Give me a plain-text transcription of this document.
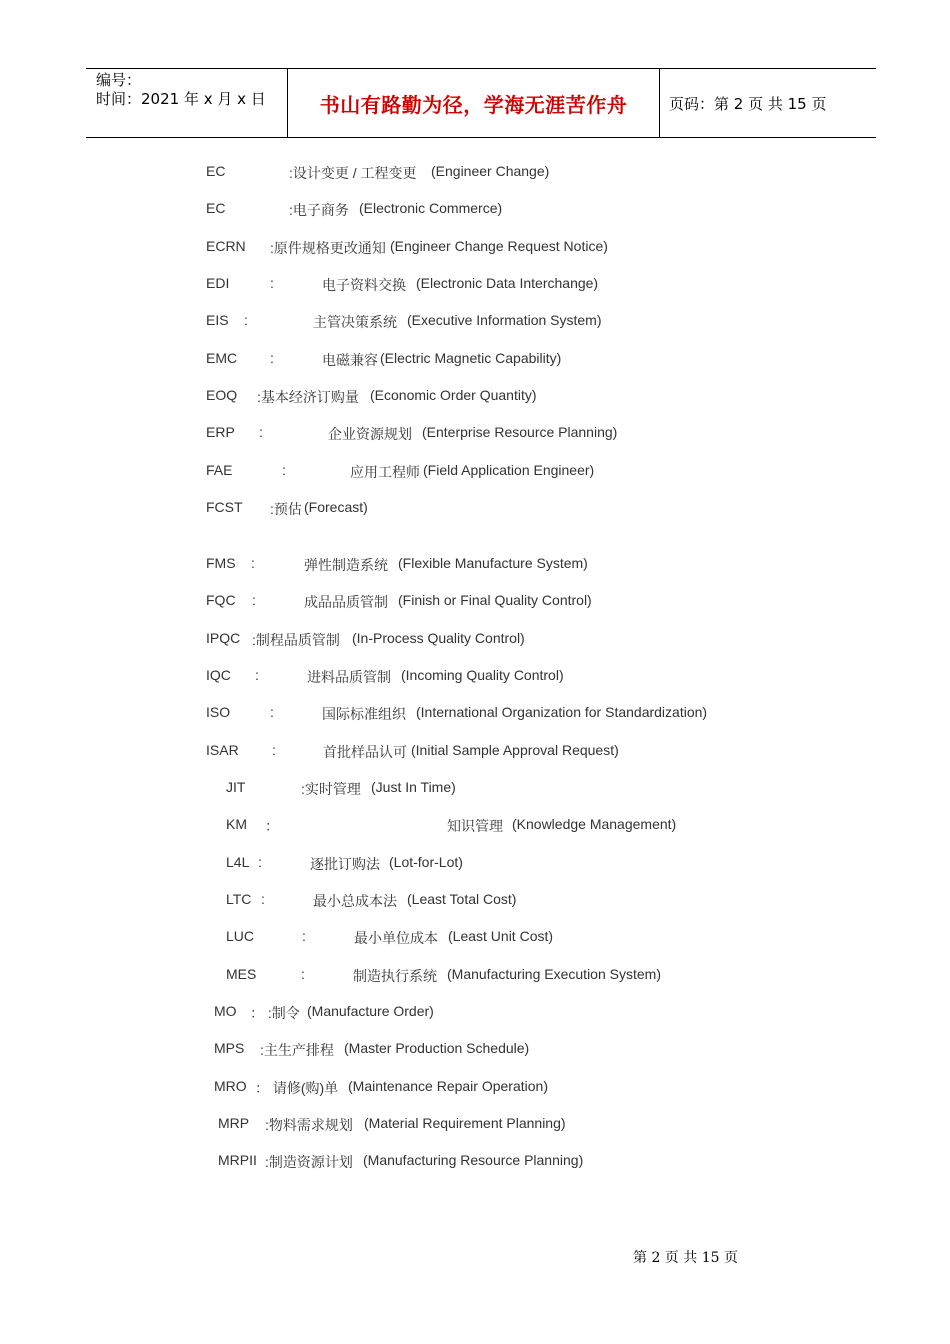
编号：
时间：2021 年 x 月 x 日	书山有路勤为径，学海无涯苦作舟	页码：第 2 页 共 15 页
EC	:设计变更 / 工程变更 (Engineer Change)
EC	:电子商务 (Electronic Commerce)
ECRN :原件规格更改通知 (Engineer Change Request Notice)
EDI	:	电子资料交换 (Electronic Data Interchange)
EIS :	主管决策系统 (Executive Information System)
EMC :	电磁兼容 (Electric Magnetic Capability)
EOQ :基本经济订购量 (Economic Order Quantity)
ERP :	企业资源规划 (Enterprise Resource Planning)
FAE	:	应用工程师 (Field Application Engineer)
FCST :预估 (Forecast)
FMS :	弹性制造系统 (Flexible Manufacture System)
FQC :	成品品质管制 (Finish or Final Quality Control)
IPQC :制程品质管制 (In-Process Quality Control)
IQC :	进料品质管制 (Incoming Quality Control)
ISO	:	国际标准组织 (International Organization for Standardization)
ISAR :	首批样品认可 (Initial Sample Approval Request)
JIT	:实时管理 (Just In Time)
KM ：	知识管理 (Knowledge Management)
L4L :	逐批订购法 (Lot-for-Lot)
LTC :	最小总成本法 (Least Total Cost)
LUC	:	最小单位成本 (Least Unit Cost)
MES	:	制造执行系统 (Manufacturing Execution System)
MO ： :制令 (Manufacture Order)
MPS :主生产排程 (Master Production Schedule)
MRO ： 请修(购)单 (Maintenance Repair Operation)
MRP :物料需求规划 (Material Requirement Planning)
MRPII :制造资源计划 (Manufacturing Resource Planning)
第 2 页 共 15 页
